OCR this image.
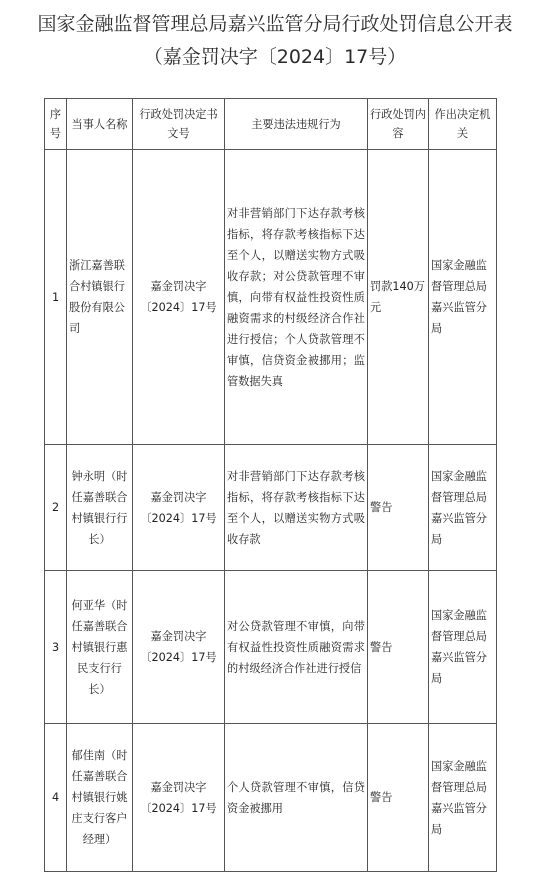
国家金融监督管理总局嘉兴监管分局行政处罚信息公开表
（嘉金罚决字〔2024〕17号）
序号	当事人名称	行政处罚决定书文号	主要违法违规行为	行政处罚内容	作出决定机关
1	浙江嘉善联合村镇银行股份有限公司	嘉金罚决字〔2024〕17号	对非营销部门下达存款考核指标，将存款考核指标下达至个人，以赠送实物方式吸收存款；对公贷款管理不审慎，向带有权益性投资性质融资需求的村级经济合作社进行授信；个人贷款管理不审慎，信贷资金被挪用；监管数据失真	罚款140万元	国家金融监督管理总局嘉兴监管分局
2	钟永明（时任嘉善联合村镇银行行长）	嘉金罚决字〔2024〕17号	对非营销部门下达存款考核指标，将存款考核指标下达至个人，以赠送实物方式吸收存款	警告	国家金融监督管理总局嘉兴监管分局
3	何亚华（时任嘉善联合村镇银行惠民支行行长）	嘉金罚决字〔2024〕17号	对公贷款管理不审慎，向带有权益性投资性质融资需求的村级经济合作社进行授信	警告	国家金融监督管理总局嘉兴监管分局
4	郁佳南（时任嘉善联合村镇银行姚庄支行客户经理）	嘉金罚决字〔2024〕17号	个人贷款管理不审慎，信贷资金被挪用	警告	国家金融监督管理总局嘉兴监管分局
